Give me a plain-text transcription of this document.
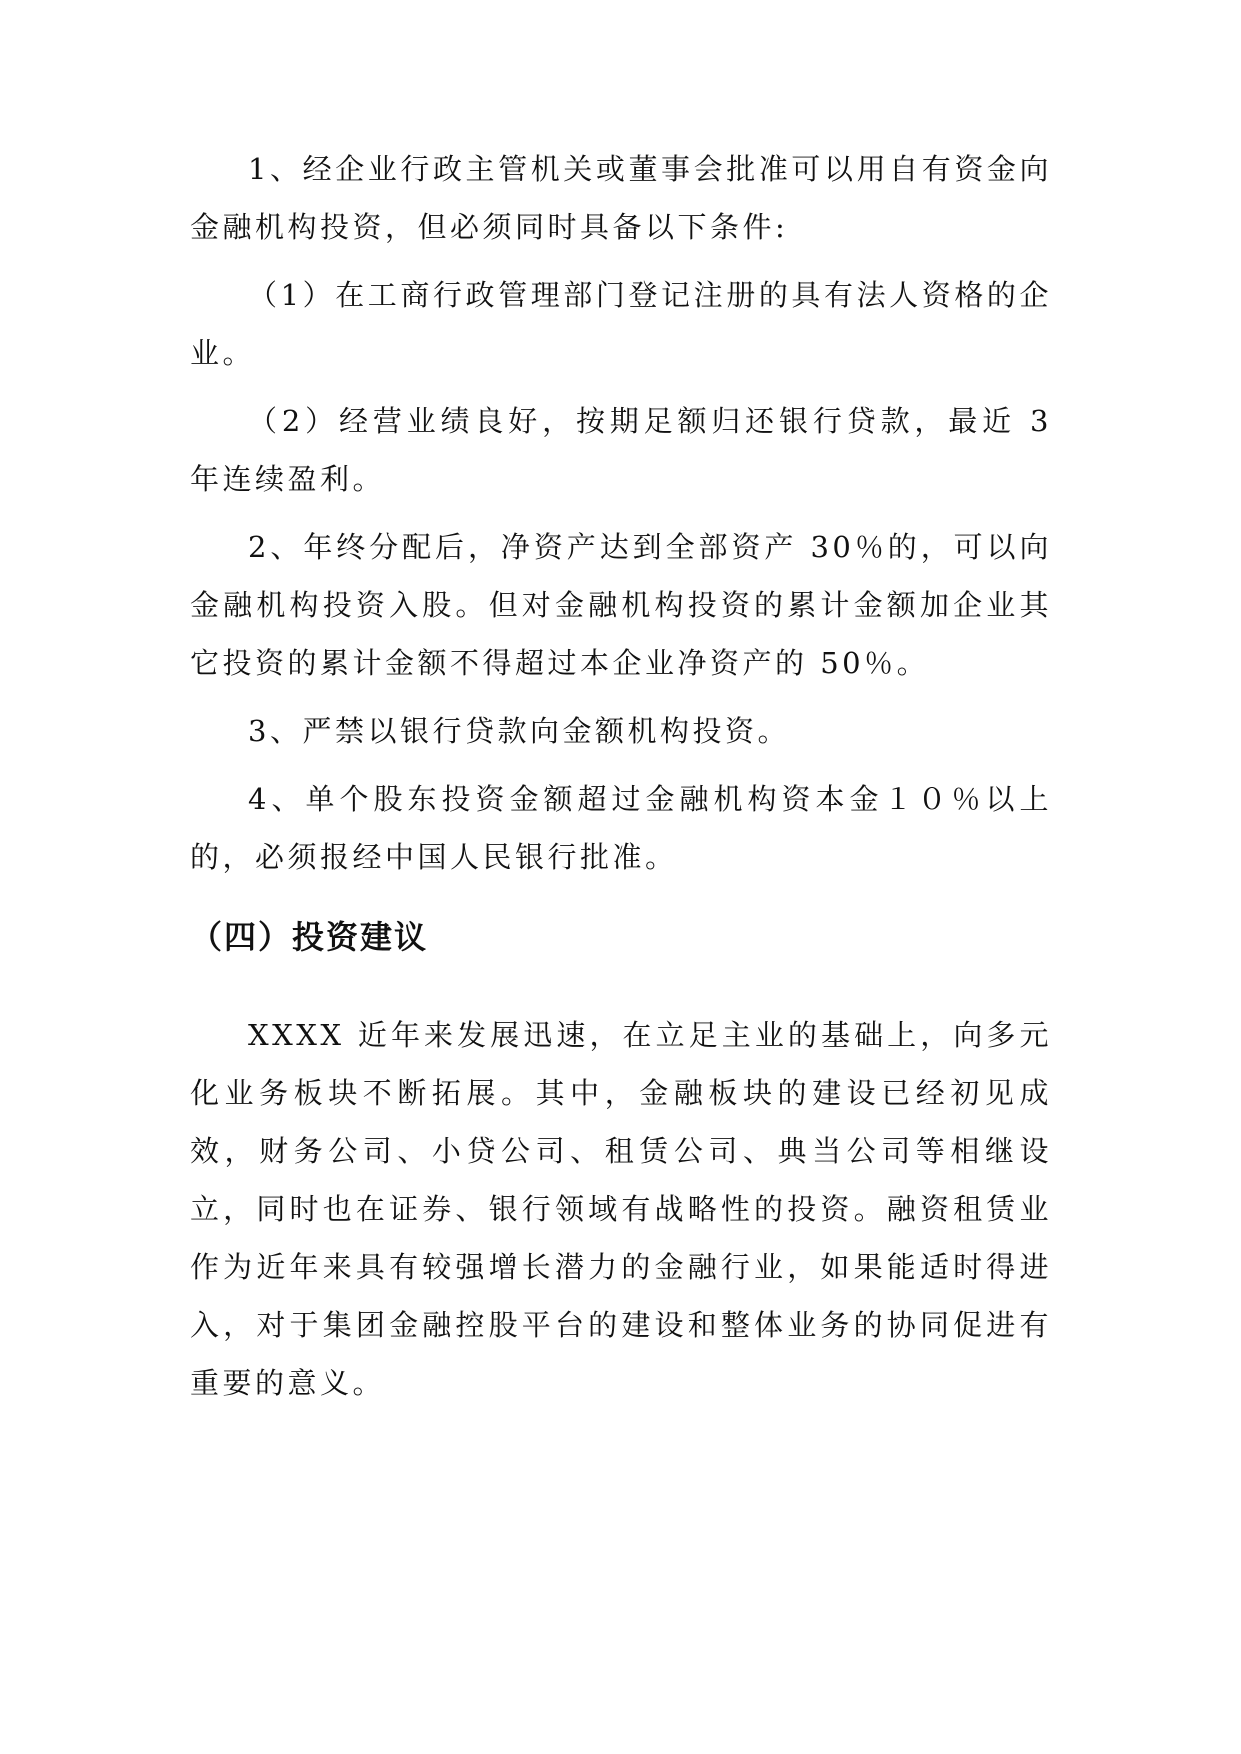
1、经企业行政主管机关或董事会批准可以用自有资金向金融机构投资，但必须同时具备以下条件:

（1）在工商行政管理部门登记注册的具有法人资格的企业。

（2）经营业绩良好，按期足额归还银行贷款，最近 3 年连续盈利。

2、年终分配后，净资产达到全部资产 30％的，可以向金融机构投资入股。但对金融机构投资的累计金额加企业其它投资的累计金额不得超过本企业净资产的 50％。

3、严禁以银行贷款向金额机构投资。

4、单个股东投资金额超过金融机构资本金１０％以上的，必须报经中国人民银行批准。

（四）投资建议

XXXX 近年来发展迅速，在立足主业的基础上，向多元化业务板块不断拓展。其中，金融板块的建设已经初见成效，财务公司、小贷公司、租赁公司、典当公司等相继设立，同时也在证券、银行领域有战略性的投资。融资租赁业作为近年来具有较强增长潜力的金融行业，如果能适时得进入，对于集团金融控股平台的建设和整体业务的协同促进有重要的意义。
